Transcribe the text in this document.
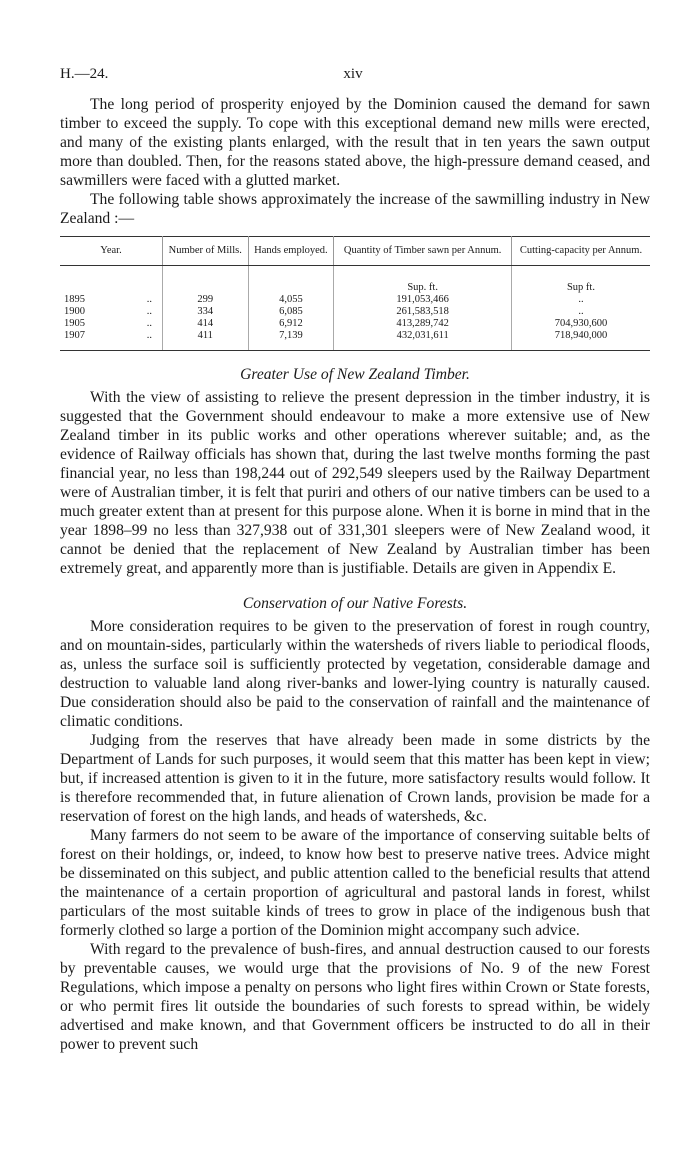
H.—24.	xiv

The long period of prosperity enjoyed by the Dominion caused the demand for sawn timber to exceed the supply. To cope with this exceptional demand new mills were erected, and many of the existing plants enlarged, with the result that in ten years the sawn output more than doubled. Then, for the reasons stated above, the high-pressure demand ceased, and sawmillers were faced with a glutted market.

The following table shows approximately the increase of the sawmilling industry in New Zealand :—

Year.	Number of Mills.	Hands employed.	Quantity of Timber sawn per Annum.	Cutting-capacity per Annum.
			Sup. ft.	Sup ft.
1895 ..	299	4,055	191,053,466	..
1900 ..	334	6,085	261,583,518	..
1905 ..	414	6,912	413,289,742	704,930,600
1907 ..	411	7,139	432,031,611	718,940,000
Greater Use of New Zealand Timber.

With the view of assisting to relieve the present depression in the timber industry, it is suggested that the Government should endeavour to make a more extensive use of New Zealand timber in its public works and other operations wherever suitable; and, as the evidence of Railway officials has shown that, during the last twelve months forming the past financial year, no less than 198,244 out of 292,549 sleepers used by the Railway Department were of Australian timber, it is felt that puriri and others of our native timbers can be used to a much greater extent than at present for this purpose alone. When it is borne in mind that in the year 1898–99 no less than 327,938 out of 331,301 sleepers were of New Zealand wood, it cannot be denied that the replacement of New Zealand by Australian timber has been extremely great, and apparently more than is justifiable. Details are given in Appendix E.

Conservation of our Native Forests.

More consideration requires to be given to the preservation of forest in rough country, and on mountain-sides, particularly within the watersheds of rivers liable to periodical floods, as, unless the surface soil is sufficiently protected by vegetation, considerable damage and destruction to valuable land along river-banks and lower-lying country is naturally caused. Due consideration should also be paid to the conservation of rainfall and the maintenance of climatic conditions.

Judging from the reserves that have already been made in some districts by the Department of Lands for such purposes, it would seem that this matter has been kept in view; but, if increased attention is given to it in the future, more satisfactory results would follow. It is therefore recommended that, in future alienation of Crown lands, provision be made for a reservation of forest on the high lands, and heads of watersheds, &c.

Many farmers do not seem to be aware of the importance of conserving suitable belts of forest on their holdings, or, indeed, to know how best to preserve native trees. Advice might be disseminated on this subject, and public attention called to the beneficial results that attend the maintenance of a certain proportion of agricultural and pastoral lands in forest, whilst particulars of the most suitable kinds of trees to grow in place of the indigenous bush that formerly clothed so large a portion of the Dominion might accompany such advice.

With regard to the prevalence of bush-fires, and annual destruction caused to our forests by preventable causes, we would urge that the provisions of No. 9 of the new Forest Regulations, which impose a penalty on persons who light fires within Crown or State forests, or who permit fires lit outside the boundaries of such forests to spread within, be widely advertised and make known, and that Government officers be instructed to do all in their power to prevent such
